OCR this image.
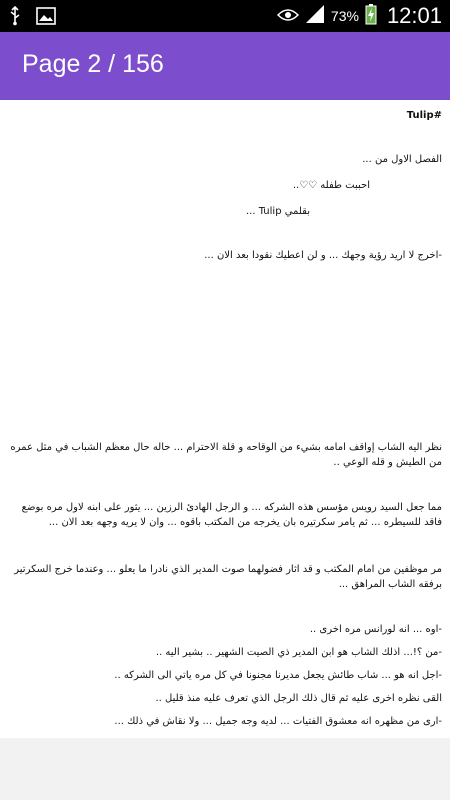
73% 12:01
Page 2 / 156
Tulip#
الفصل الاول من ...
احببت طفله ♡♡..
بقلمي Tulip ...
-اخرج لا اريد رؤية وجهك ... و لن اعطيك نقودا بعد الان ...
نظر اليه الشاب إواقف امامه بشيء من الوقاحه و قلة الاحترام ... حاله حال معظم الشباب في مثل عمره من الطيش و قله الوعي ..
مما جعل السيد رويس مؤسس هذه الشركه ... و الرجل الهادئ الرزين ... يثور على ابنه لاول مره بوضع فاقد للسيطره ... ثم يامر سكرتيره بان يخرجه من المكتب باقوه ... وان لا يريه وجهه بعد الان ...
مر موظفين من امام المكتب و قد اثار فضولهما صوت المدير الذي نادرا ما يعلو ... وعندما خرج السكرتير برفقه الشاب المراهق ...
-اوه ... انه لورانس مره اخرى ..
-من ؟!... اذلك الشاب هو ابن المدير ذي الصيت الشهير .. بشير اليه ..
-اجل انه هو ... شاب طائش يجعل مديرنا مجنونا في كل مره ياتي الى الشركه ..
القى نظره اخرى عليه ثم قال ذلك الرجل الذي تعرف عليه منذ قليل ..
-ارى من مظهره انه معشوق الفتيات ... لديه وجه جميل ... ولا نقاش في ذلك ...
